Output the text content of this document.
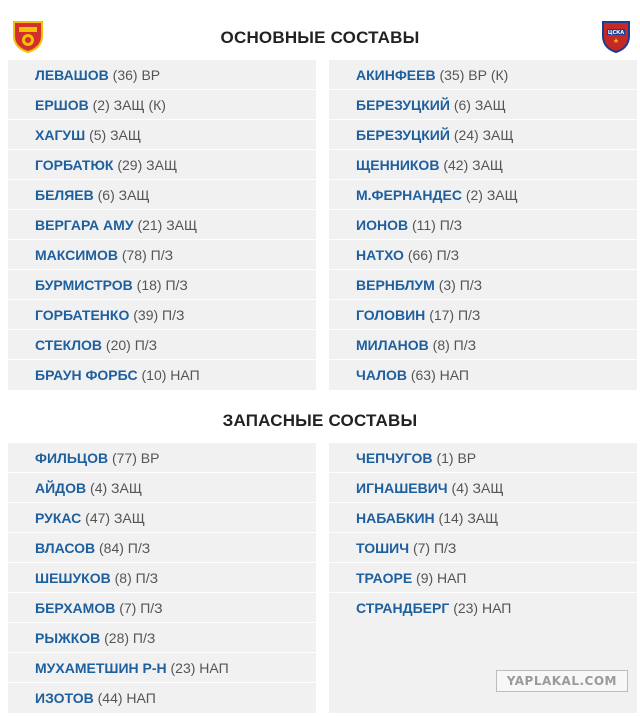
ЦСКА
ОСНОВНЫЕ СОСТАВЫ
ЛЕВАШОВ (36) ВР
ЕРШОВ (2) ЗАЩ (К)
ХАГУШ (5) ЗАЩ
ГОРБАТЮК (29) ЗАЩ
БЕЛЯЕВ (6) ЗАЩ
ВЕРГАРА АМУ (21) ЗАЩ
МАКСИМОВ (78) П/З
БУРМИСТРОВ (18) П/З
ГОРБАТЕНКО (39) П/З
СТЕКЛОВ (20) П/З
БРАУН ФОРБС (10) НАП
АКИНФЕЕВ (35) ВР (К)
БЕРЕЗУЦКИЙ (6) ЗАЩ
БЕРЕЗУЦКИЙ (24) ЗАЩ
ЩЕННИКОВ (42) ЗАЩ
М.ФЕРНАНДЕС (2) ЗАЩ
ИОНОВ (11) П/З
НАТХО (66) П/З
ВЕРНБЛУМ (3) П/З
ГОЛОВИН (17) П/З
МИЛАНОВ (8) П/З
ЧАЛОВ (63) НАП
ЗАПАСНЫЕ СОСТАВЫ
ФИЛЬЦОВ (77) ВР
АЙДОВ (4) ЗАЩ
РУКАС (47) ЗАЩ
ВЛАСОВ (84) П/З
ШЕШУКОВ (8) П/З
БЕРХАМОВ (7) П/З
РЫЖКОВ (28) П/З
МУХАМЕТШИН Р-Н (23) НАП
ИЗОТОВ (44) НАП
ЧЕПЧУГОВ (1) ВР
ИГНАШЕВИЧ (4) ЗАЩ
НАБАБКИН (14) ЗАЩ
ТОШИЧ (7) П/З
ТРАОРЕ (9) НАП
СТРАНДБЕРГ (23) НАП
YAPLAKAL.COM
